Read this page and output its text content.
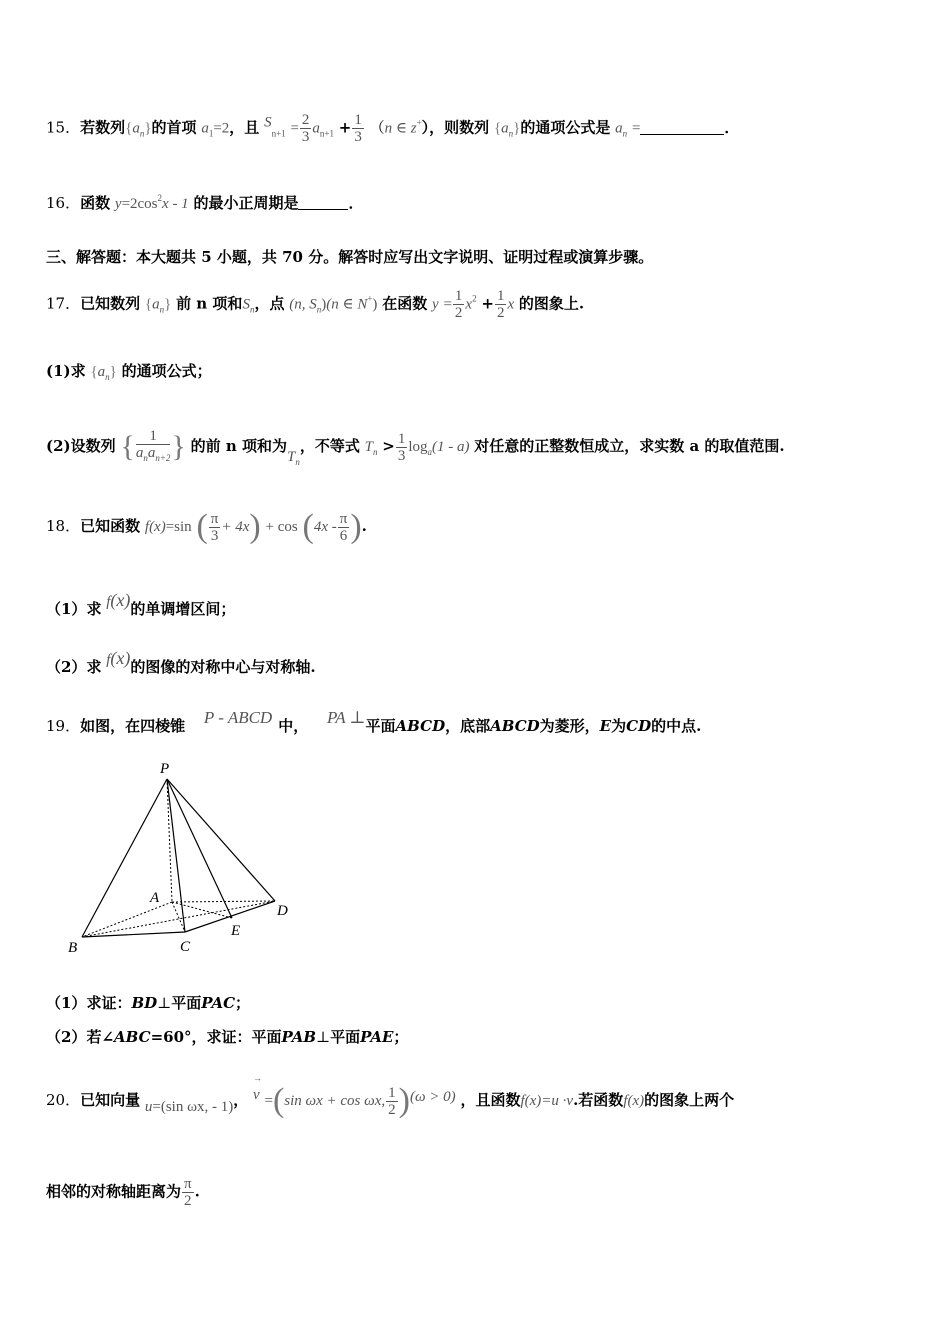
15．若数列$\{a_n\}$的首项 $a_1=2$，且 $S_{n+1} = \frac{2}{3} a_{n+1} + \frac{1}{3} (n$ ∈ z+），则数列 $\{a_n\}$的通项公式是 $a_n$ =	．
16．函数 $y=2\cos^2x - 1$ 的最小正周期是	．
三、解答题：本大题共 5 小题，共 70 分。解答时应写出文字说明、证明过程或演算步骤。
17．已知数列 $\{a_n\}$ 前 n 项和$S_n$，点 (n, $S_n)(n$ ∈ N+) 在函数 $y = \frac{1}{2} x^2 + \frac{1}{2}$ x 的图象上.
(1)求 $\{a_n\}$ 的通项公式；
(2)设数列 { $\frac{1}{a_na_{n+2}}$ } 的前 n 项和为$T_n$，不等式 $T_n > \frac{1}{3} \log_a(1 - a)$ 对任意的正整数恒成立，求实数 a 的取值范围.
18．已知函数 f(x)=sin ( $\frac{\pi}{3} + 4x) + \cos (4x - \frac{\pi}{6}$ ).
（1）求 f(x)的单调增区间；
（2）求 f(x)的图像的对称中心与对称轴.
19．如图，在四棱锥 P - ABCD 中， PA ⊥平面ABCD，底部ABCD为菱形，E为CD的中点.
P
A
B	C
D
E
（1）求证：BD⊥平面PAC；
（2）若∠ABC=60°，求证：平面PAB⊥平面PAE；
20．已知向量 u=(sin ωx, - 1)，
→
v =(sin ωx + cos ωx, $\frac{1}{2} )(\omega > 0)$ ，且函数f(x)=u ·v.若函数f(x)的图象上两个
相邻的对称轴距离为 $\frac{\pi}{2}$ .
